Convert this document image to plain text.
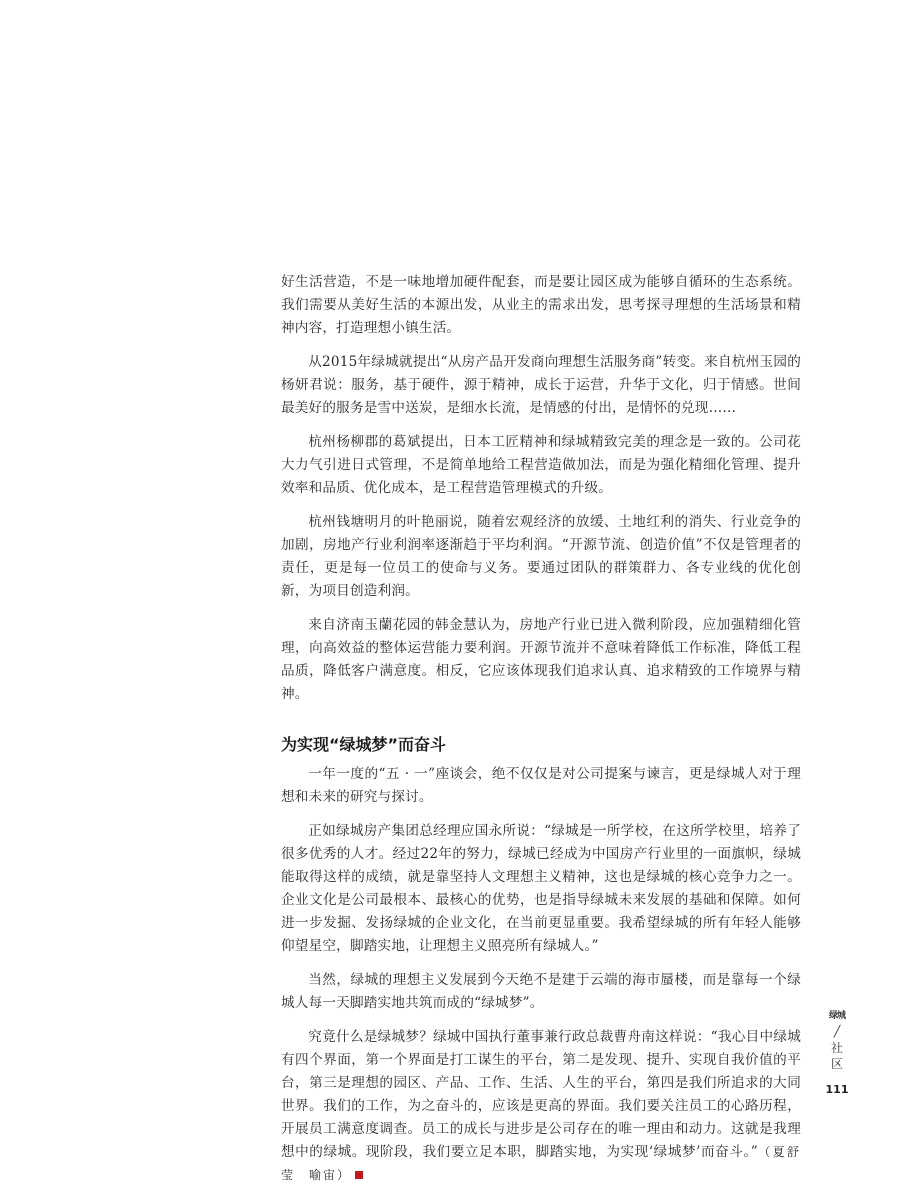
好生活营造，不是一味地增加硬件配套，而是要让园区成为能够自循环的生态系统。我们需要从美好生活的本源出发，从业主的需求出发，思考探寻理想的生活场景和精神内容，打造理想小镇生活。

从2015年绿城就提出“从房产品开发商向理想生活服务商”转变。来自杭州玉园的杨妍君说：服务，基于硬件，源于精神，成长于运营，升华于文化，归于情感。世间最美好的服务是雪中送炭，是细水长流，是情感的付出，是情怀的兑现……

杭州杨柳郡的葛斌提出，日本工匠精神和绿城精致完美的理念是一致的。公司花大力气引进日式管理，不是简单地给工程营造做加法，而是为强化精细化管理、提升效率和品质、优化成本，是工程营造管理模式的升级。

杭州钱塘明月的叶艳丽说，随着宏观经济的放缓、土地红利的消失、行业竞争的加剧，房地产行业利润率逐渐趋于平均利润。“开源节流、创造价值”不仅是管理者的责任，更是每一位员工的使命与义务。要通过团队的群策群力、各专业线的优化创新，为项目创造利润。

来自济南玉蘭花园的韩金慧认为，房地产行业已进入微利阶段，应加强精细化管理，向高效益的整体运营能力要利润。开源节流并不意味着降低工作标准，降低工程品质，降低客户满意度。相反，它应该体现我们追求认真、追求精致的工作境界与精神。

为实现“绿城梦”而奋斗

一年一度的“五 · 一”座谈会，绝不仅仅是对公司提案与谏言，更是绿城人对于理想和未来的研究与探讨。

正如绿城房产集团总经理应国永所说：“绿城是一所学校，在这所学校里，培养了很多优秀的人才。经过22年的努力，绿城已经成为中国房产行业里的一面旗帜，绿城能取得这样的成绩，就是靠坚持人文理想主义精神，这也是绿城的核心竞争力之一。企业文化是公司最根本、最核心的优势，也是指导绿城未来发展的基础和保障。如何进一步发掘、发扬绿城的企业文化，在当前更显重要。我希望绿城的所有年轻人能够仰望星空，脚踏实地，让理想主义照亮所有绿城人。”

当然，绿城的理想主义发展到今天绝不是建于云端的海市蜃楼，而是靠每一个绿城人每一天脚踏实地共筑而成的“绿城梦”。

究竟什么是绿城梦？绿城中国执行董事兼行政总裁曹舟南这样说：“我心目中绿城有四个界面，第一个界面是打工谋生的平台，第二是发现、提升、实现自我价值的平台，第三是理想的园区、产品、工作、生活、人生的平台，第四是我们所追求的大同世界。我们的工作，为之奋斗的，应该是更高的界面。我们要关注员工的心路历程，开展员工满意度调查。员工的成长与进步是公司存在的唯一理由和动力。这就是我理想中的绿城。现阶段，我们要立足本职，脚踏实地，为实现‘绿城梦’而奋斗。”（夏舒莹　喻宙）

绿城
╱
社区
111
